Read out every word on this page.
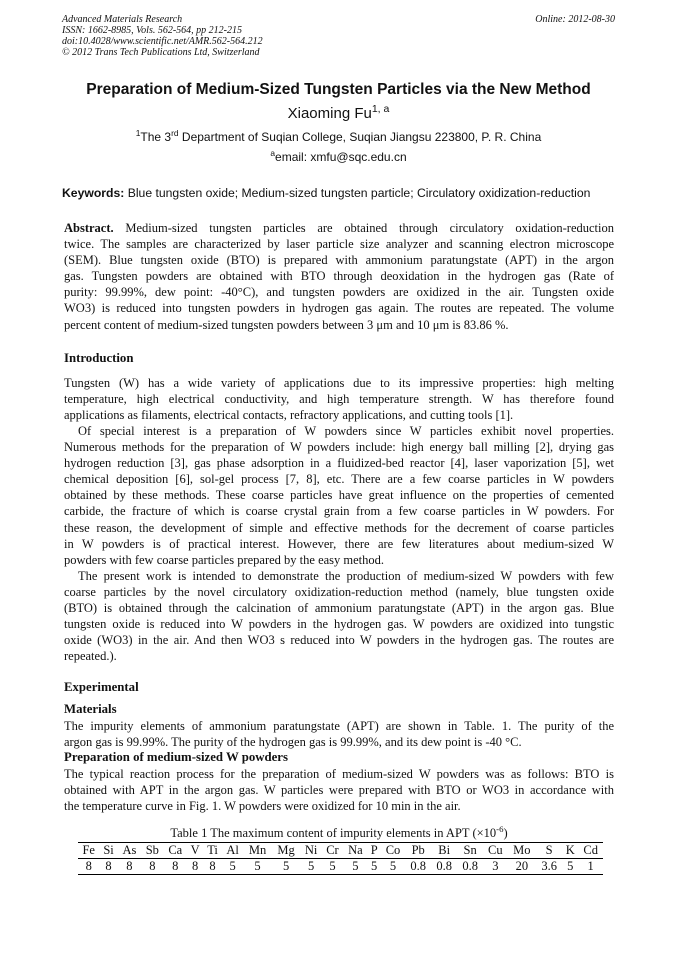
Advanced Materials Research
ISSN: 1662-8985, Vols. 562-564, pp 212-215
doi:10.4028/www.scientific.net/AMR.562-564.212
© 2012 Trans Tech Publications Ltd, Switzerland
Online: 2012-08-30
Preparation of Medium-Sized Tungsten Particles via the New Method
Xiaoming Fu$^{1, a}$
$^1$The 3rd Department of Suqian College, Suqian Jiangsu 223800, P. R. China
$^a$email: xmfu@sqc.edu.cn
Keywords: Blue tungsten oxide; Medium-sized tungsten particle; Circulatory oxidization-reduction
Abstract. Medium-sized tungsten particles are obtained through circulatory oxidation-reduction
twice. The samples are characterized by laser particle size analyzer and scanning electron microscope
(SEM). Blue tungsten oxide (BTO) is prepared with ammonium paratungstate (APT) in the argon
gas. Tungsten powders are obtained with BTO through deoxidation in the hydrogen gas (Rate of
purity: 99.99%, dew point: -40°C), and tungsten powders are oxidized in the air. Tungsten oxide
WO3) is reduced into tungsten powders in hydrogen gas again. The routes are repeated. The volume
percent content of medium-sized tungsten powders between 3 μm and 10 μm is 83.86 %.
Introduction
Tungsten (W) has a wide variety of applications due to its impressive properties: high melting
temperature, high electrical conductivity, and high temperature strength. W has therefore found
applications as filaments, electrical contacts, refractory applications, and cutting tools [1].
Of special interest is a preparation of W powders since W particles exhibit novel properties.
Numerous methods for the preparation of W powders include: high energy ball milling [2], drying gas
hydrogen reduction [3], gas phase adsorption in a fluidized-bed reactor [4], laser vaporization [5], wet
chemical deposition [6], sol-gel process [7, 8], etc. There are a few coarse particles in W powders
obtained by these methods. These coarse particles have great influence on the properties of cemented
carbide, the fracture of which is coarse crystal grain from a few coarse particles in W powders. For
these reason, the development of simple and effective methods for the decrement of coarse particles
in W powders is of practical interest. However, there are few literatures about medium-sized W
powders with few coarse particles prepared by the easy method.
The present work is intended to demonstrate the production of medium-sized W powders with few
coarse particles by the novel circulatory oxidization-reduction method (namely, blue tungsten oxide
(BTO) is obtained through the calcination of ammonium paratungstate (APT) in the argon gas. Blue
tungsten oxide is reduced into W powders in the hydrogen gas. W powders are oxidized into tungstic
oxide (WO3) in the air. And then WO3 s reduced into W powders in the hydrogen gas. The routes are
repeated.).
Experimental
Materials
The impurity elements of ammonium paratungstate (APT) are shown in Table. 1. The purity of the
argon gas is 99.99%. The purity of the hydrogen gas is 99.99%, and its dew point is -40 °C.
Preparation of medium-sized W powders
The typical reaction process for the preparation of medium-sized W powders was as follows: BTO is
obtained with APT in the argon gas. W particles were prepared with BTO or WO3 in accordance with
the temperature curve in Fig. 1. W powders were oxidized for 10 min in the air.
Table 1 The maximum content of impurity elements in APT $(\times 10^{-6})$
Fe	Si	As	Sb	Ca	V	Ti	Al	Mn	Mg	Ni	Cr	Na	P	Co	Pb	Bi	Sn	Cu	Mo	S	K	Cd
8	8	8	8	8	8	8	5	5	5	5	5	5	5	5	0.8	0.8	0.8	3	20	3.6	5	1
